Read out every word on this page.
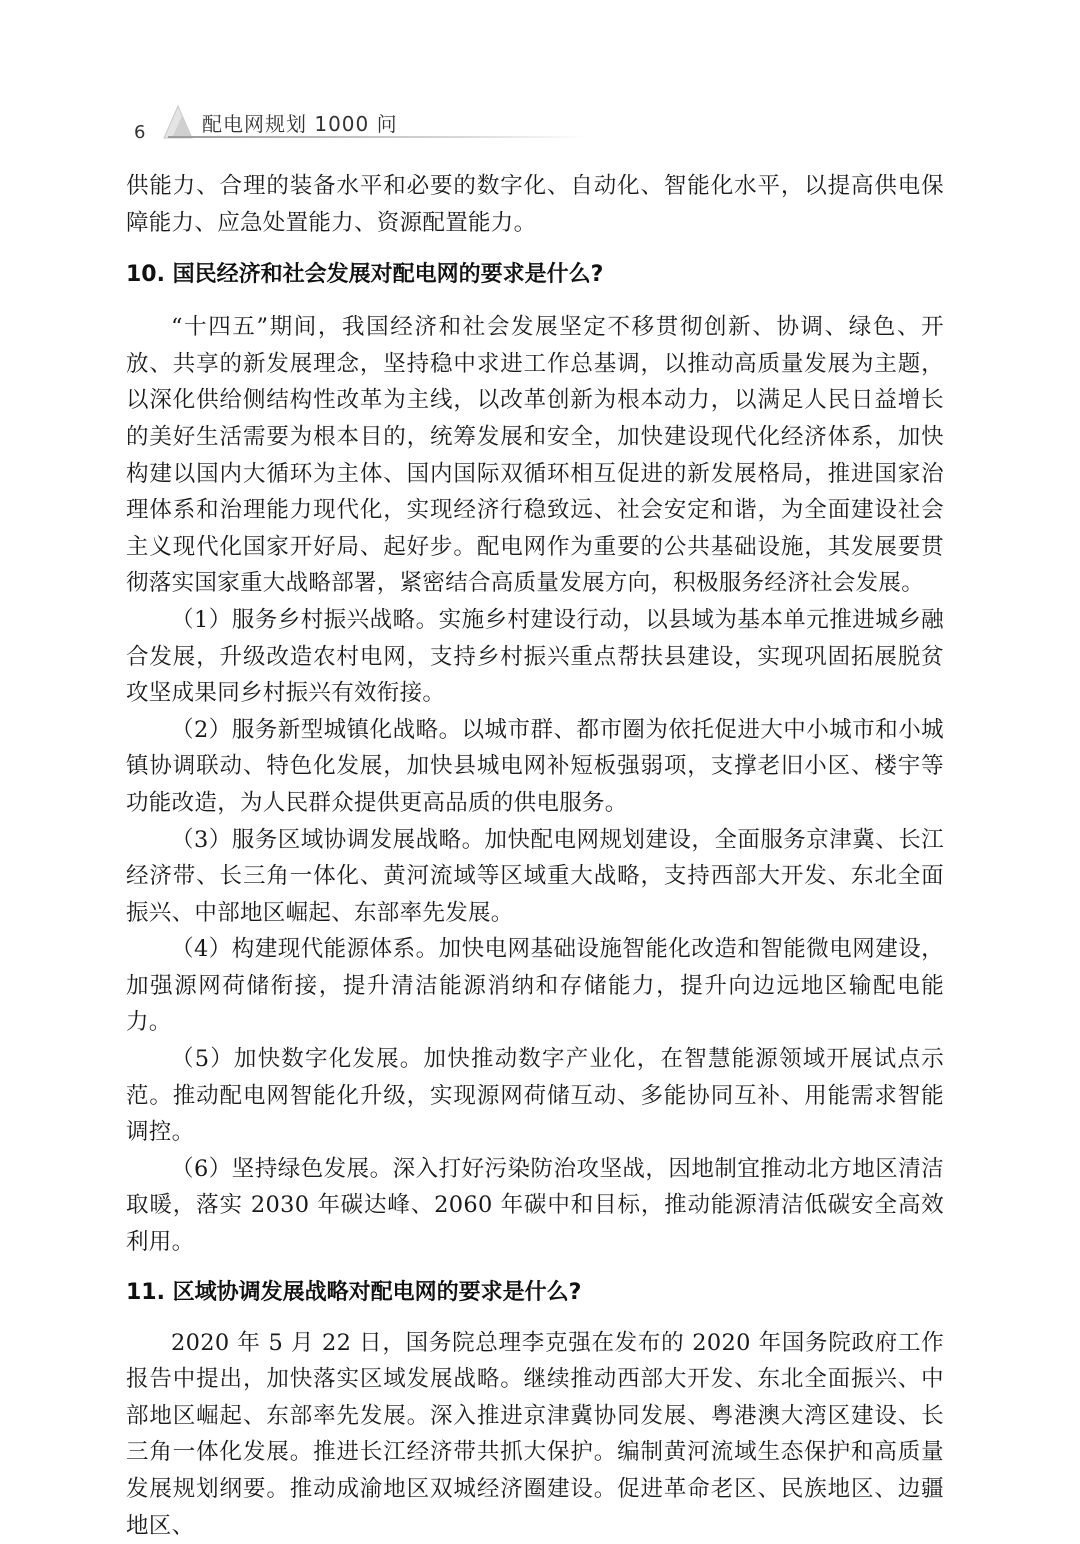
6	配电网规划 1000 问

供能力、合理的装备水平和必要的数字化、自动化、智能化水平，以提高供电保障能力、应急处置能力、资源配置能力。

10. 国民经济和社会发展对配电网的要求是什么?

“十四五”期间，我国经济和社会发展坚定不移贯彻创新、协调、绿色、开放、共享的新发展理念，坚持稳中求进工作总基调，以推动高质量发展为主题，以深化供给侧结构性改革为主线，以改革创新为根本动力，以满足人民日益增长的美好生活需要为根本目的，统筹发展和安全，加快建设现代化经济体系，加快构建以国内大循环为主体、国内国际双循环相互促进的新发展格局，推进国家治理体系和治理能力现代化，实现经济行稳致远、社会安定和谐，为全面建设社会主义现代化国家开好局、起好步。配电网作为重要的公共基础设施，其发展要贯彻落实国家重大战略部署，紧密结合高质量发展方向，积极服务经济社会发展。

（1）服务乡村振兴战略。实施乡村建设行动，以县域为基本单元推进城乡融合发展，升级改造农村电网，支持乡村振兴重点帮扶县建设，实现巩固拓展脱贫攻坚成果同乡村振兴有效衔接。

（2）服务新型城镇化战略。以城市群、都市圈为依托促进大中小城市和小城镇协调联动、特色化发展，加快县城电网补短板强弱项，支撑老旧小区、楼宇等功能改造，为人民群众提供更高品质的供电服务。

（3）服务区域协调发展战略。加快配电网规划建设，全面服务京津冀、长江经济带、长三角一体化、黄河流域等区域重大战略，支持西部大开发、东北全面振兴、中部地区崛起、东部率先发展。

（4）构建现代能源体系。加快电网基础设施智能化改造和智能微电网建设，加强源网荷储衔接，提升清洁能源消纳和存储能力，提升向边远地区输配电能力。

（5）加快数字化发展。加快推动数字产业化，在智慧能源领域开展试点示范。推动配电网智能化升级，实现源网荷储互动、多能协同互补、用能需求智能调控。

（6）坚持绿色发展。深入打好污染防治攻坚战，因地制宜推动北方地区清洁取暖，落实 2030 年碳达峰、2060 年碳中和目标，推动能源清洁低碳安全高效利用。

11. 区域协调发展战略对配电网的要求是什么?

2020 年 5 月 22 日，国务院总理李克强在发布的 2020 年国务院政府工作报告中提出，加快落实区域发展战略。继续推动西部大开发、东北全面振兴、中部地区崛起、东部率先发展。深入推进京津冀协同发展、粤港澳大湾区建设、长三角一体化发展。推进长江经济带共抓大保护。编制黄河流域生态保护和高质量发展规划纲要。推动成渝地区双城经济圈建设。促进革命老区、民族地区、边疆地区、
